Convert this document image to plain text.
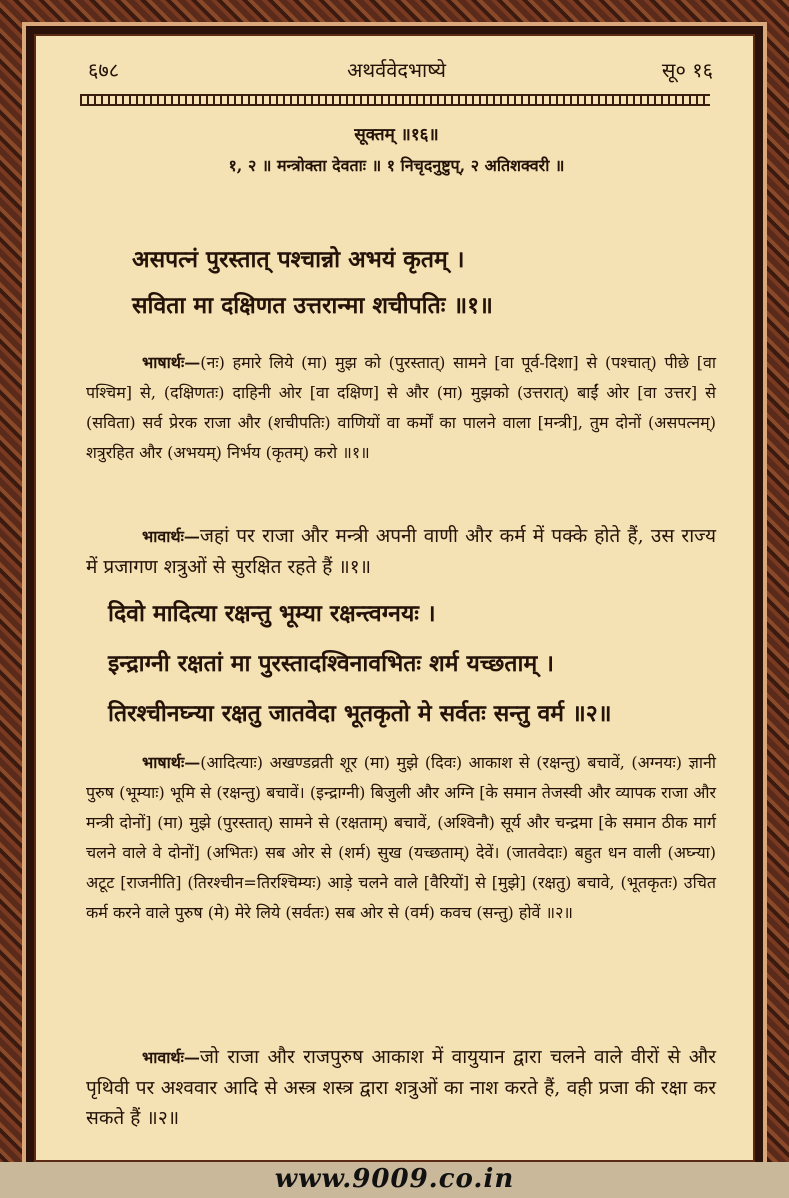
६७८	अथर्ववेदभाष्ये	सू० १६
सूक्तम् ॥१६॥
१, २ ॥ मन्त्रोक्ता देवताः ॥ १ निचृदनुष्टुप्, २ अतिशक्वरी ॥
असपत्नं पुरस्तात् पश्चान्नो अभयं कृतम् ।
सविता मा दक्षिणत उत्तरान्मा शचीपतिः ॥१॥
भाषार्थः—(नः) हमारे लिये (मा) मुझ को (पुरस्तात्) सामने [वा पूर्व-दिशा] से (पश्चात्) पीछे [वा पश्चिम] से, (दक्षिणतः) दाहिनी ओर [वा दक्षिण] से और (मा) मुझको (उत्तरात्) बाईं ओर [वा उत्तर] से (सविता) सर्व प्रेरक राजा और (शचीपतिः) वाणियों वा कर्मों का पालने वाला [मन्त्री], तुम दोनों (असपत्नम्) शत्रुरहित और (अभयम्) निर्भय (कृतम्) करो ॥१॥
भावार्थः—जहां पर राजा और मन्त्री अपनी वाणी और कर्म में पक्के होते हैं, उस राज्य में प्रजागण शत्रुओं से सुरक्षित रहते हैं ॥१॥
दिवो मादित्या रक्षन्तु भूम्या रक्षन्त्वग्नयः ।
इन्द्राग्नी रक्षतां मा पुरस्तादश्विनावभितः शर्म यच्छताम् ।
तिरश्चीनघ्न्या रक्षतु जातवेदा भूतकृतो मे सर्वतः सन्तु वर्म ॥२॥
भाषार्थः—(आदित्याः) अखण्डव्रती शूर (मा) मुझे (दिवः) आकाश से (रक्षन्तु) बचावें, (अग्नयः) ज्ञानी पुरुष (भूम्याः) भूमि से (रक्षन्तु) बचावें। (इन्द्राग्नी) बिजुली और अग्नि [के समान तेजस्वी और व्यापक राजा और मन्त्री दोनों] (मा) मुझे (पुरस्तात्) सामने से (रक्षताम्) बचावें, (अश्विनौ) सूर्य और चन्द्रमा [के समान ठीक मार्ग चलने वाले वे दोनों] (अभितः) सब ओर से (शर्म) सुख (यच्छताम्) देवें। (जातवेदाः) बहुत धन वाली (अघ्न्या) अटूट [राजनीति] (तिरश्चीन=तिरश्चिम्यः) आड़े चलने वाले [वैरियों] से [मुझे] (रक्षतु) बचावे, (भूतकृतः) उचित कर्म करने वाले पुरुष (मे) मेरे लिये (सर्वतः) सब ओर से (वर्म) कवच (सन्तु) होवें ॥२॥
भावार्थः—जो राजा और राजपुरुष आकाश में वायुयान द्वारा चलने वाले वीरों से और पृथिवी पर अश्ववार आदि से अस्त्र शस्त्र द्वारा शत्रुओं का नाश करते हैं, वही प्रजा की रक्षा कर सकते हैं ॥२॥
www.9009.co.in
